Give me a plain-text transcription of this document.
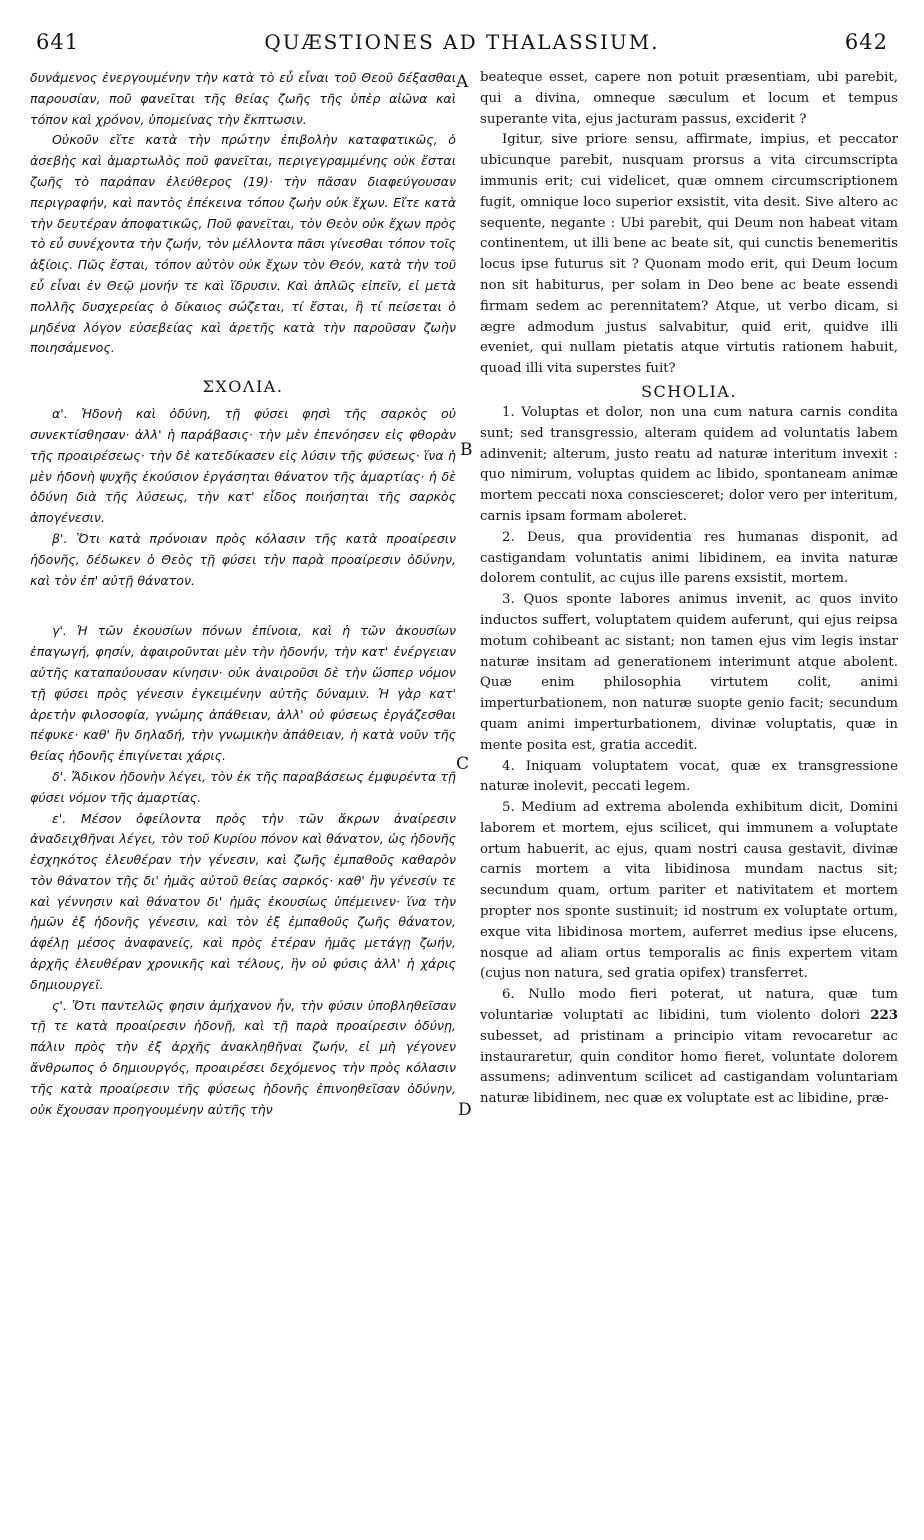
641	QUÆSTIONES AD THALASSIUM.	642
A
B
C
D

δυνάμενος ἐνεργουμένην τὴν κατὰ τὸ εὖ εἶναι τοῦ Θεοῦ δέξασθαι παρουσίαν, ποῦ φανεῖται τῆς θείας ζωῆς τῆς ὑπὲρ αἰῶνα καὶ τόπον καὶ χρόνον, ὑπομείνας τὴν ἔκπτωσιν.

Οὐκοῦν εἴτε κατὰ τὴν πρώτην ἐπιβολὴν καταφατικῶς, ὁ ἀσεβὴς καὶ ἁμαρτωλὸς ποῦ φανεῖται, περιγεγραμμένης οὐκ ἔσται ζωῆς τὸ παράπαν ἐλεύθερος (19)· τὴν πᾶσαν διαφεύγουσαν περιγραφήν, καὶ παντὸς ἐπέκεινα τόπου ζωὴν οὐκ ἔχων. Εἴτε κατὰ τὴν δευτέραν ἀποφατικῶς, Ποῦ φανεῖται, τὸν Θεὸν οὐκ ἔχων πρὸς τὸ εὖ συνέχοντα τὴν ζωήν, τὸν μέλλοντα πᾶσι γίνεσθαι τόπον τοῖς ἀξίοις. Πῶς ἔσται, τόπον αὐτὸν οὐκ ἔχων τὸν Θεόν, κατὰ τὴν τοῦ εὖ εἶναι ἐν Θεῷ μονήν τε καὶ ἵδρυσιν. Καὶ ἁπλῶς εἰπεῖν, εἰ μετὰ πολλῆς δυσχερείας ὁ δίκαιος σώζεται, τί ἔσται, ἢ τί πείσεται ὁ μηδένα λόγον εὐσεβείας καὶ ἀρετῆς κατὰ τὴν παροῦσαν ζωὴν ποιησάμενος.

ΣΧΟΛΙΑ.

α'. Ἡδονὴ καὶ ὀδύνη, τῇ φύσει φησὶ τῆς σαρκὸς οὐ συνεκτίσθησαν· ἀλλ' ἡ παράβασις· τὴν μὲν ἐπενόησεν εἰς φθορὰν τῆς προαιρέσεως· τὴν δὲ κατεδίκασεν εἰς λύσιν τῆς φύσεως· ἵνα ἡ μὲν ἡδονὴ ψυχῆς ἑκούσιον ἐργάσηται θάνατον τῆς ἁμαρτίας· ἡ δὲ ὀδύνη διὰ τῆς λύσεως, τὴν κατ' εἶδος ποιήσηται τῆς σαρκὸς ἀπογένεσιν.

β'. Ὅτι κατὰ πρόνοιαν πρὸς κόλασιν τῆς κατὰ προαίρεσιν ἡδονῆς, δέδωκεν ὁ Θεὸς τῇ φύσει τὴν παρὰ προαίρεσιν ὀδύνην, καὶ τὸν ἐπ' αὐτῇ θάνατον.

γ'. Ἡ τῶν ἑκουσίων πόνων ἐπίνοια, καὶ ἡ τῶν ἀκουσίων ἐπαγωγή, φησίν, ἀφαιροῦνται μὲν τὴν ἡδονήν, τὴν κατ' ἐνέργειαν αὐτῆς καταπαύουσαν κίνησιν· οὐκ ἀναιροῦσι δὲ τὴν ὥσπερ νόμον τῇ φύσει πρὸς γένεσιν ἐγκειμένην αὐτῆς δύναμιν. Ἡ γὰρ κατ' ἀρετὴν φιλοσοφία, γνώμης ἀπάθειαν, ἀλλ' οὐ φύσεως ἐργάζεσθαι πέφυκε· καθ' ἣν δηλαδή, τὴν γνωμικὴν ἀπάθειαν, ἡ κατὰ νοῦν τῆς θείας ἡδονῆς ἐπιγίνεται χάρις.

δ'. Ἄδικον ἡδονὴν λέγει, τὸν ἐκ τῆς παραβάσεως ἐμφυρέντα τῇ φύσει νόμον τῆς ἁμαρτίας.

ε'. Μέσον ὀφείλοντα πρὸς τὴν τῶν ἄκρων ἀναίρεσιν ἀναδειχθῆναι λέγει, τὸν τοῦ Κυρίου πόνον καὶ θάνατον, ὡς ἡδονῆς ἐσχηκότος ἐλευθέραν τὴν γένεσιν, καὶ ζωῆς ἐμπαθοῦς καθαρὸν τὸν θάνατον τῆς δι' ἡμᾶς αὐτοῦ θείας σαρκός· καθ' ἣν γένεσίν τε καὶ γέννησιν καὶ θάνατον δι' ἡμᾶς ἑκουσίως ὑπέμεινεν· ἵνα τὴν ἡμῶν ἐξ ἡδονῆς γένεσιν, καὶ τὸν ἐξ ἐμπαθοῦς ζωῆς θάνατον, ἀφέλῃ μέσος ἀναφανείς, καὶ πρὸς ἑτέραν ἡμᾶς μετάγῃ ζωήν, ἀρχῆς ἐλευθέραν χρονικῆς καὶ τέλους, ἣν οὐ φύσις ἀλλ' ἡ χάρις δημιουργεῖ.

ς'. Ὅτι παντελῶς φησιν ἀμήχανον ἦν, τὴν φύσιν ὑποβληθεῖσαν τῇ τε κατὰ προαίρεσιν ἡδονῇ, καὶ τῇ παρὰ προαίρεσιν ὀδύνῃ, πάλιν πρὸς τὴν ἐξ ἀρχῆς ἀνακληθῆναι ζωήν, εἰ μὴ γέγονεν ἄνθρωπος ὁ δημιουργός, προαιρέσει δεχόμενος τὴν πρὸς κόλασιν τῆς κατὰ προαίρεσιν τῆς φύσεως ἡδονῆς ἐπινοηθεῖσαν ὀδύνην, οὐκ ἔχουσαν προηγουμένην αὐτῆς τὴν

beateque esset, capere non potuit præsentiam, ubi parebit, qui a divina, omneque sæculum et locum et tempus superante vita, ejus jacturam passus, exciderit ?

Igitur, sive priore sensu, affirmate, impius, et peccator ubicunque parebit, nusquam prorsus a vita circumscripta immunis erit; cui videlicet, quæ omnem circumscriptionem fugit, omnique loco superior exsistit, vita desit. Sive altero ac sequente, negante : Ubi parebit, qui Deum non habeat vitam continentem, ut illi bene ac beate sit, qui cunctis benemeritis locus ipse futurus sit ? Quonam modo erit, qui Deum locum non sit habiturus, per solam in Deo bene ac beate essendi firmam sedem ac perennitatem? Atque, ut verbo dicam, si ægre admodum justus salvabitur, quid erit, quidve illi eveniet, qui nullam pietatis atque virtutis rationem habuit, quoad illi vita superstes fuit?

SCHOLIA.

1. Voluptas et dolor, non una cum natura carnis condita sunt; sed transgressio, alteram quidem ad voluntatis labem adinvenit; alterum, justo reatu ad naturæ interitum invexit : quo nimirum, voluptas quidem ac libido, spontaneam animæ mortem peccati noxa consciesceret; dolor vero per interitum, carnis ipsam formam aboleret.

2. Deus, qua providentia res humanas disponit, ad castigandam voluntatis animi libidinem, ea invita naturæ dolorem contulit, ac cujus ille parens exsistit, mortem.

3. Quos sponte labores animus invenit, ac quos invito inductos suffert, voluptatem quidem auferunt, qui ejus reipsa motum cohibeant ac sistant; non tamen ejus vim legis instar naturæ insitam ad generationem interimunt atque abolent. Quæ enim philosophia virtutem colit, animi imperturbationem, non naturæ suopte genio facit; secundum quam animi imperturbationem, divinæ voluptatis, quæ in mente posita est, gratia accedit.

4. Iniquam voluptatem vocat, quæ ex transgressione naturæ inolevit, peccati legem.

5. Medium ad extrema abolenda exhibitum dicit, Domini laborem et mortem, ejus scilicet, qui immunem a voluptate ortum habuerit, ac ejus, quam nostri causa gestavit, divinæ carnis mortem a vita libidinosa mundam nactus sit; secundum quam, ortum pariter et nativitatem et mortem propter nos sponte sustinuit; id nostrum ex voluptate ortum, exque vita libidinosa mortem, auferret medius ipse elucens, nosque ad aliam ortus temporalis ac finis expertem vitam (cujus non natura, sed gratia opifex) transferret.

6. Nullo modo fieri poterat, ut natura, quæ tum voluntariæ voluptati ac libidini, tum violento dolori 223 subesset, ad pristinam a principio vitam revocaretur ac instauraretur, quin conditor homo fieret, voluntate dolorem assumens; adinventum scilicet ad castigandam voluntariam naturæ libidinem, nec quæ ex voluptate est ac libidine, præ-
